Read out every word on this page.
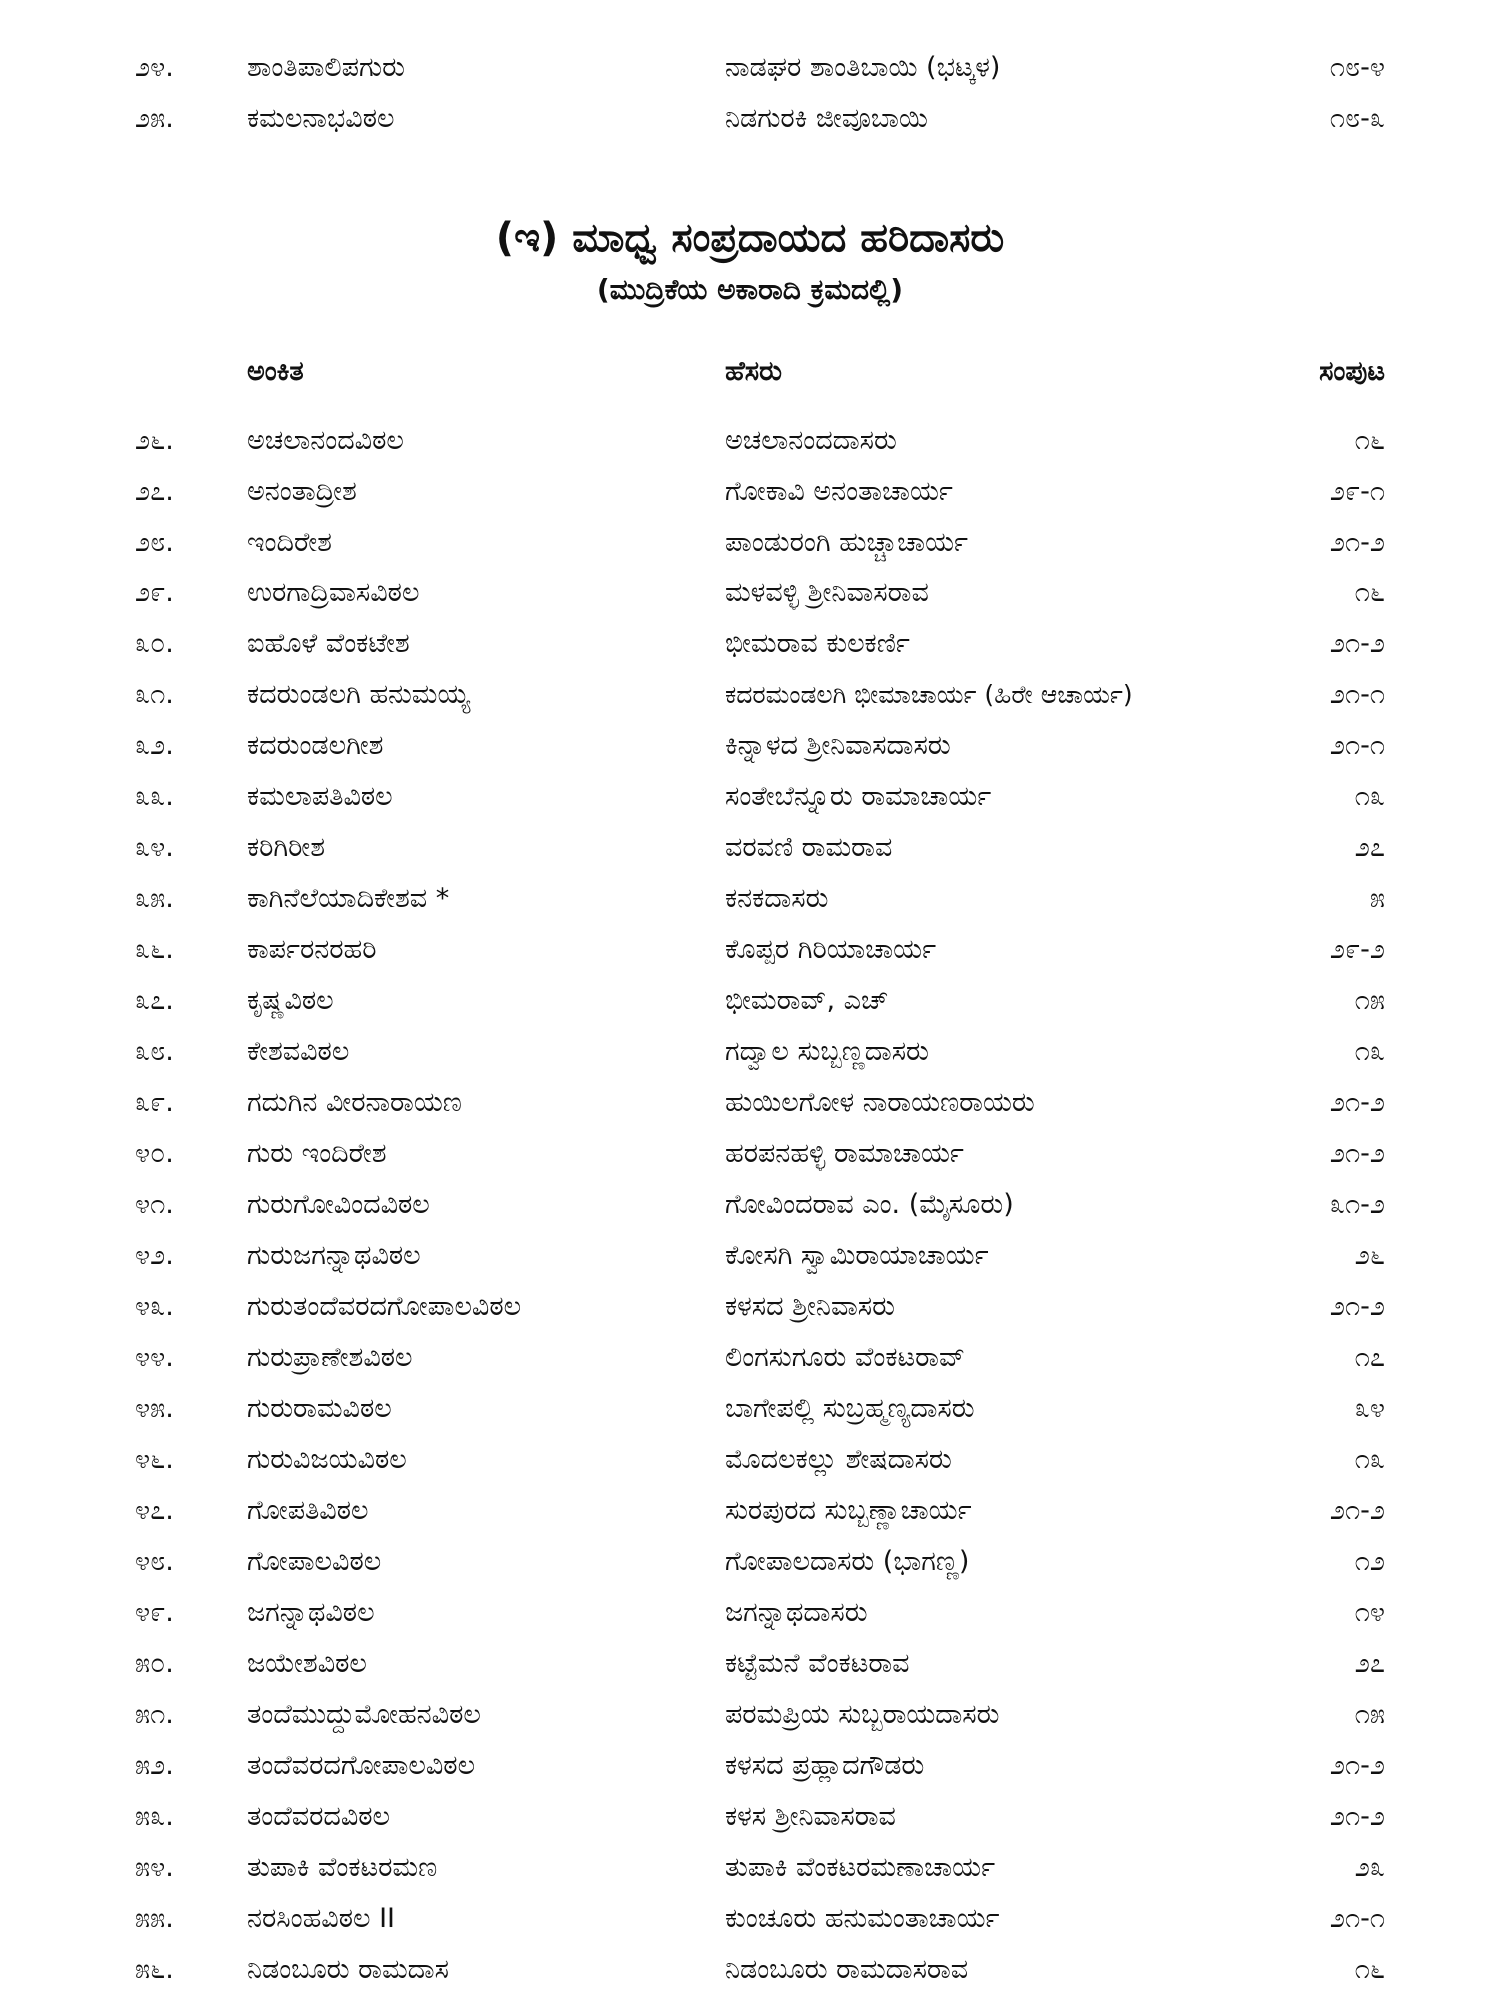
೨೪.	ಶಾಂತಿಪಾಲಿಪಗುರು	ನಾಡಘರ ಶಾಂತಿಬಾಯಿ (ಭಟ್ಕಳ)	೧೮-೪
೨೫.	ಕಮಲನಾಭವಿಠಲ	ನಿಡಗುರಕಿ ಜೀವೂಬಾಯಿ	೧೮-೩
(ಇ) ಮಾಧ್ವ ಸಂಪ್ರದಾಯದ ಹರಿದಾಸರು
(ಮುದ್ರಿಕೆಯ ಅಕಾರಾದಿ ಕ್ರಮದಲ್ಲಿ)
ಅಂಕಿತ	ಹೆಸರು	ಸಂಪುಟ
೨೬.	ಅಚಲಾನಂದವಿಠಲ	ಅಚಲಾನಂದದಾಸರು	೧೬
೨೭.	ಅನಂತಾದ್ರೀಶ	ಗೋಕಾವಿ ಅನಂತಾಚಾರ್ಯ	೨೯-೧
೨೮.	ಇಂದಿರೇಶ	ಪಾಂಡುರಂಗಿ ಹುಚ್ಚಾಚಾರ್ಯ	೨೧-೨
೨೯.	ಉರಗಾದ್ರಿವಾಸವಿಠಲ	ಮಳವಳ್ಳಿ ಶ್ರೀನಿವಾಸರಾವ	೧೬
೩೦.	ಐಹೊಳೆ ವೆಂಕಟೇಶ	ಭೀಮರಾವ ಕುಲಕರ್ಣಿ	೨೧-೨
೩೧.	ಕದರುಂಡಲಗಿ ಹನುಮಯ್ಯ	ಕದರಮಂಡಲಗಿ ಭೀಮಾಚಾರ್ಯ (ಹಿರೇ ಆಚಾರ್ಯ)	೨೧-೧
೩೨.	ಕದರುಂಡಲಗೀಶ	ಕಿನ್ನಾಳದ ಶ್ರೀನಿವಾಸದಾಸರು	೨೧-೧
೩೩.	ಕಮಲಾಪತಿವಿಠಲ	ಸಂತೇಬೆನ್ನೂರು ರಾಮಾಚಾರ್ಯ	೧೩
೩೪.	ಕರಿಗಿರೀಶ	ವರವಣಿ ರಾಮರಾವ	೨೭
೩೫.	ಕಾಗಿನೆಲೆಯಾದಿಕೇಶವ *	ಕನಕದಾಸರು	೫
೩೬.	ಕಾರ್ಪರನರಹರಿ	ಕೊಪ್ಪರ ಗಿರಿಯಾಚಾರ್ಯ	೨೯-೨
೩೭.	ಕೃಷ್ಣವಿಠಲ	ಭೀಮರಾವ್, ಎಚ್	೧೫
೩೮.	ಕೇಶವವಿಠಲ	ಗದ್ವಾಲ ಸುಬ್ಬಣ್ಣದಾಸರು	೧೩
೩೯.	ಗದುಗಿನ ವೀರನಾರಾಯಣ	ಹುಯಿಲಗೋಳ ನಾರಾಯಣರಾಯರು	೨೧-೨
೪೦.	ಗುರು ಇಂದಿರೇಶ	ಹರಪನಹಳ್ಳಿ ರಾಮಾಚಾರ್ಯ	೨೧-೨
೪೧.	ಗುರುಗೋವಿಂದವಿಠಲ	ಗೋವಿಂದರಾವ ಎಂ. (ಮೈಸೂರು)	೩೧-೨
೪೨.	ಗುರುಜಗನ್ನಾಥವಿಠಲ	ಕೋಸಗಿ ಸ್ವಾಮಿರಾಯಾಚಾರ್ಯ	೨೬
೪೩.	ಗುರುತಂದೆವರದಗೋಪಾಲವಿಠಲ	ಕಳಸದ ಶ್ರೀನಿವಾಸರು	೨೧-೨
೪೪.	ಗುರುಪ್ರಾಣೇಶವಿಠಲ	ಲಿಂಗಸುಗೂರು ವೆಂಕಟರಾವ್	೧೭
೪೫.	ಗುರುರಾಮವಿಠಲ	ಬಾಗೇಪಲ್ಲಿ ಸುಬ್ರಹ್ಮಣ್ಯದಾಸರು	೩೪
೪೬.	ಗುರುವಿಜಯವಿಠಲ	ಮೊದಲಕಲ್ಲು ಶೇಷದಾಸರು	೧೩
೪೭.	ಗೋಪತಿವಿಠಲ	ಸುರಪುರದ ಸುಬ್ಬಣ್ಣಾಚಾರ್ಯ	೨೧-೨
೪೮.	ಗೋಪಾಲವಿಠಲ	ಗೋಪಾಲದಾಸರು (ಭಾಗಣ್ಣ)	೧೨
೪೯.	ಜಗನ್ನಾಥವಿಠಲ	ಜಗನ್ನಾಥದಾಸರು	೧೪
೫೦.	ಜಯೇಶವಿಠಲ	ಕಟ್ಟೆಮನೆ ವೆಂಕಟರಾವ	೨೭
೫೧.	ತಂದೆಮುದ್ದುಮೋಹನವಿಠಲ	ಪರಮಪ್ರಿಯ ಸುಬ್ಬರಾಯದಾಸರು	೧೫
೫೨.	ತಂದೆವರದಗೋಪಾಲವಿಠಲ	ಕಳಸದ ಪ್ರಹ್ಲಾದಗೌಡರು	೨೧-೨
೫೩.	ತಂದೆವರದವಿಠಲ	ಕಳಸ ಶ್ರೀನಿವಾಸರಾವ	೨೧-೨
೫೪.	ತುಪಾಕಿ ವೆಂಕಟರಮಣ	ತುಪಾಕಿ ವೆಂಕಟರಮಣಾಚಾರ್ಯ	೨೩
೫೫.	ನರಸಿಂಹವಿಠಲ II	ಕುಂಚೂರು ಹನುಮಂತಾಚಾರ್ಯ	೨೧-೧
೫೬.	ನಿಡಂಬೂರು ರಾಮದಾಸ	ನಿಡಂಬೂರು ರಾಮದಾಸರಾವ	೧೬
